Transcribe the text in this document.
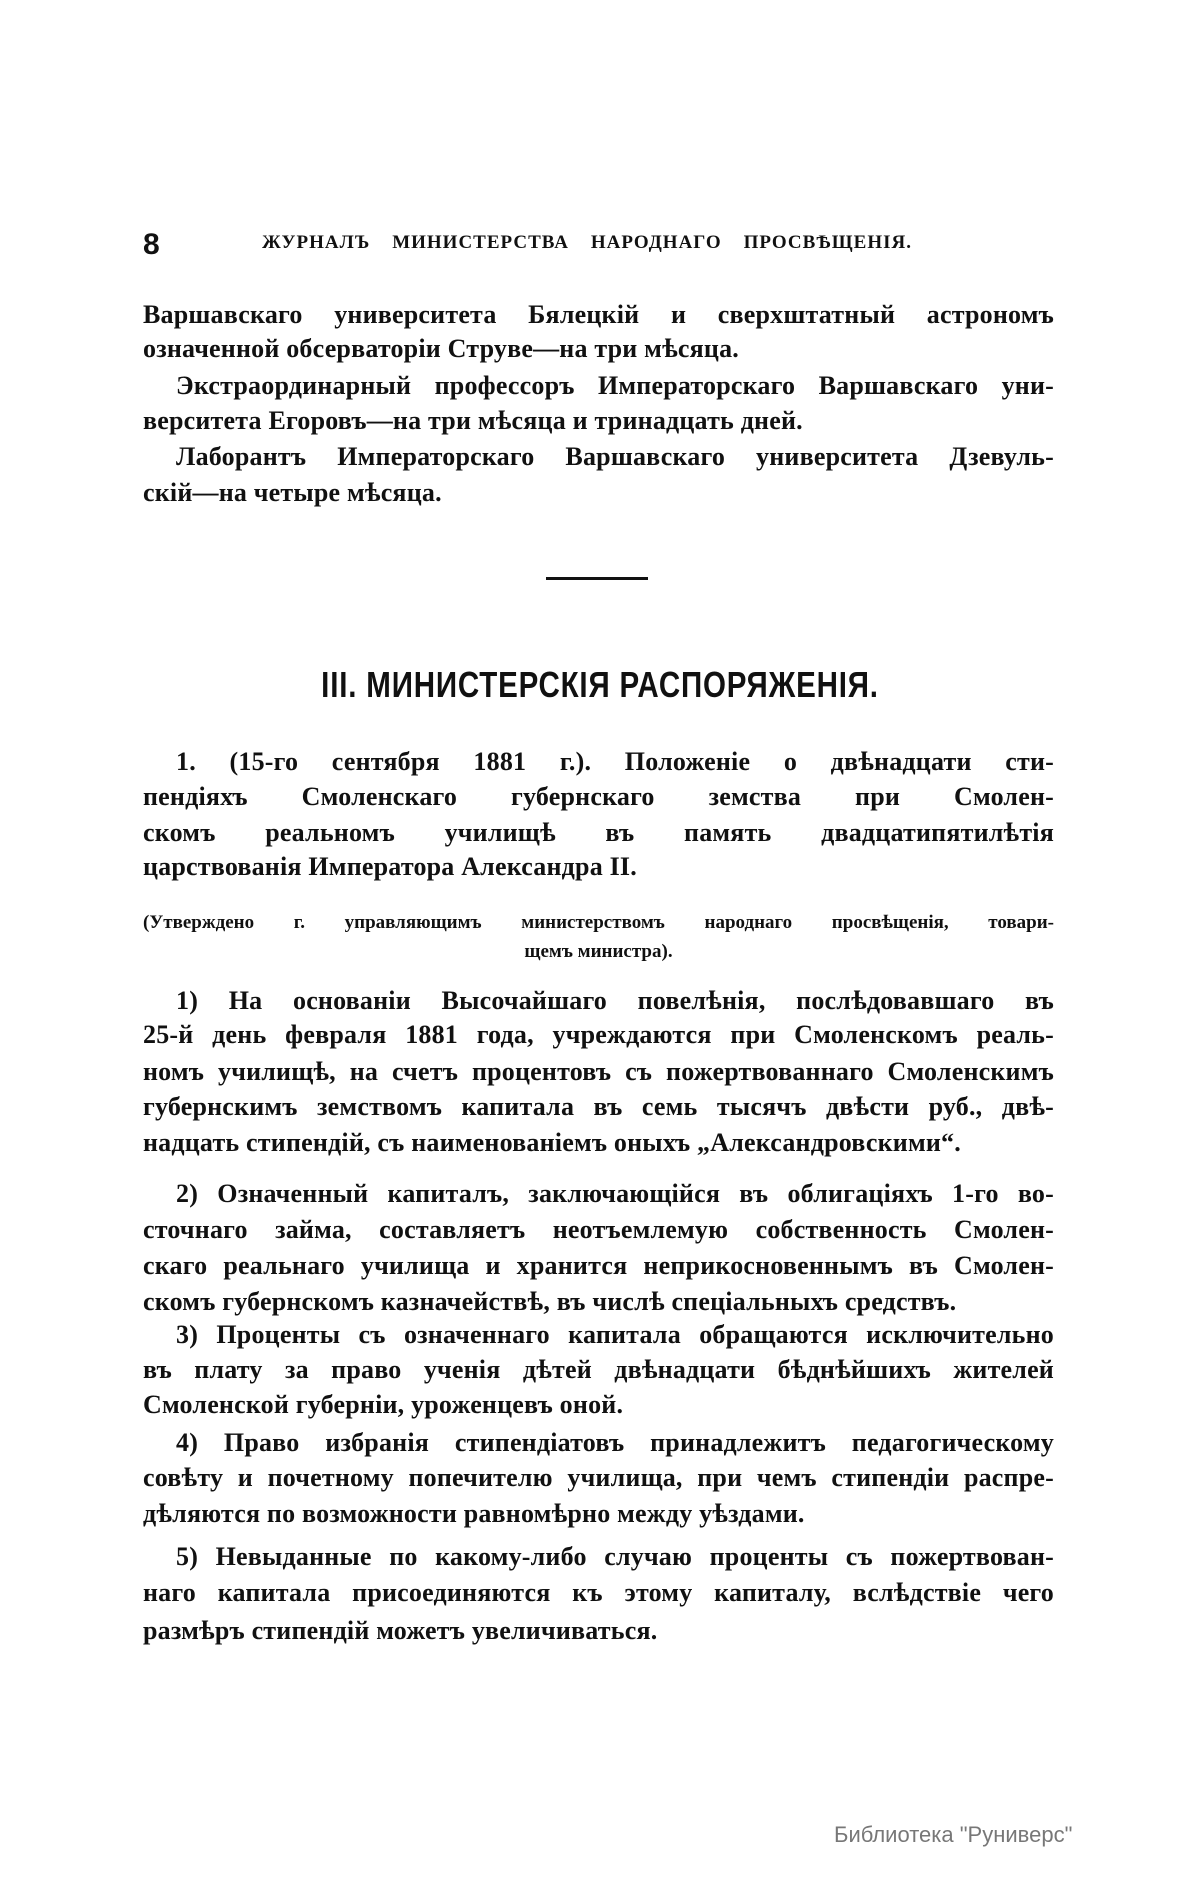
8	ЖУРНАЛЪ МИНИСТЕРСТВА НАРОДНАГО ПРОСВѢЩЕНІЯ.
Варшавскаго университета Бялецкій и сверхштатный астрономъ
означенной обсерваторіи Струве—на три мѣсяца.
Экстраординарный профессоръ Императорскаго Варшавскаго уни-
верситета Егоровъ—на три мѣсяца и тринадцать дней.
Лаборантъ Императорскаго Варшавскаго университета Дзевуль-
скій—на четыре мѣсяца.
III. МИНИСТЕРСКІЯ РАСПОРЯЖЕНІЯ.
1. (15-го сентября 1881 г.). Положеніе о двѣнадцати сти-
пендіяхъ Смоленскаго губернскаго земства при Смолен-
скомъ реальномъ училищѣ въ память двадцатипятилѣтія
царствованія Императора Александра II.
(Утверждено г. управляющимъ министерствомъ народнаго просвѣщенія, товари-
щемъ министра).
1) На основаніи Высочайшаго повелѣнія, послѣдовавшаго въ
25-й день февраля 1881 года, учреждаются при Смоленскомъ реаль-
номъ училищѣ, на счетъ процентовъ съ пожертвованнаго Смоленскимъ
губернскимъ земствомъ капитала въ семь тысячъ двѣсти руб., двѣ-
надцать стипендій, съ наименованіемъ оныхъ „Александровскими“.
2) Означенный капиталъ, заключающійся въ облигаціяхъ 1-го во-
сточнаго займа, составляетъ неотъемлемую собственность Смолен-
скаго реальнаго училища и хранится неприкосновеннымъ въ Смолен-
скомъ губернскомъ казначействѣ, въ числѣ спеціальныхъ средствъ.
3) Проценты съ означеннаго капитала обращаются исключительно
въ плату за право ученія дѣтей двѣнадцати бѣднѣйшихъ жителей
Смоленской губерніи, уроженцевъ оной.
4) Право избранія стипендіатовъ принадлежитъ педагогическому
совѣту и почетному попечителю училища, при чемъ стипендіи распре-
дѣляются по возможности равномѣрно между уѣздами.
5) Невыданные по какому-либо случаю проценты съ пожертвован-
наго капитала присоединяются къ этому капиталу, вслѣдствіе чего
размѣръ стипендій можетъ увеличиваться.
Библиотека "Руниверс"
